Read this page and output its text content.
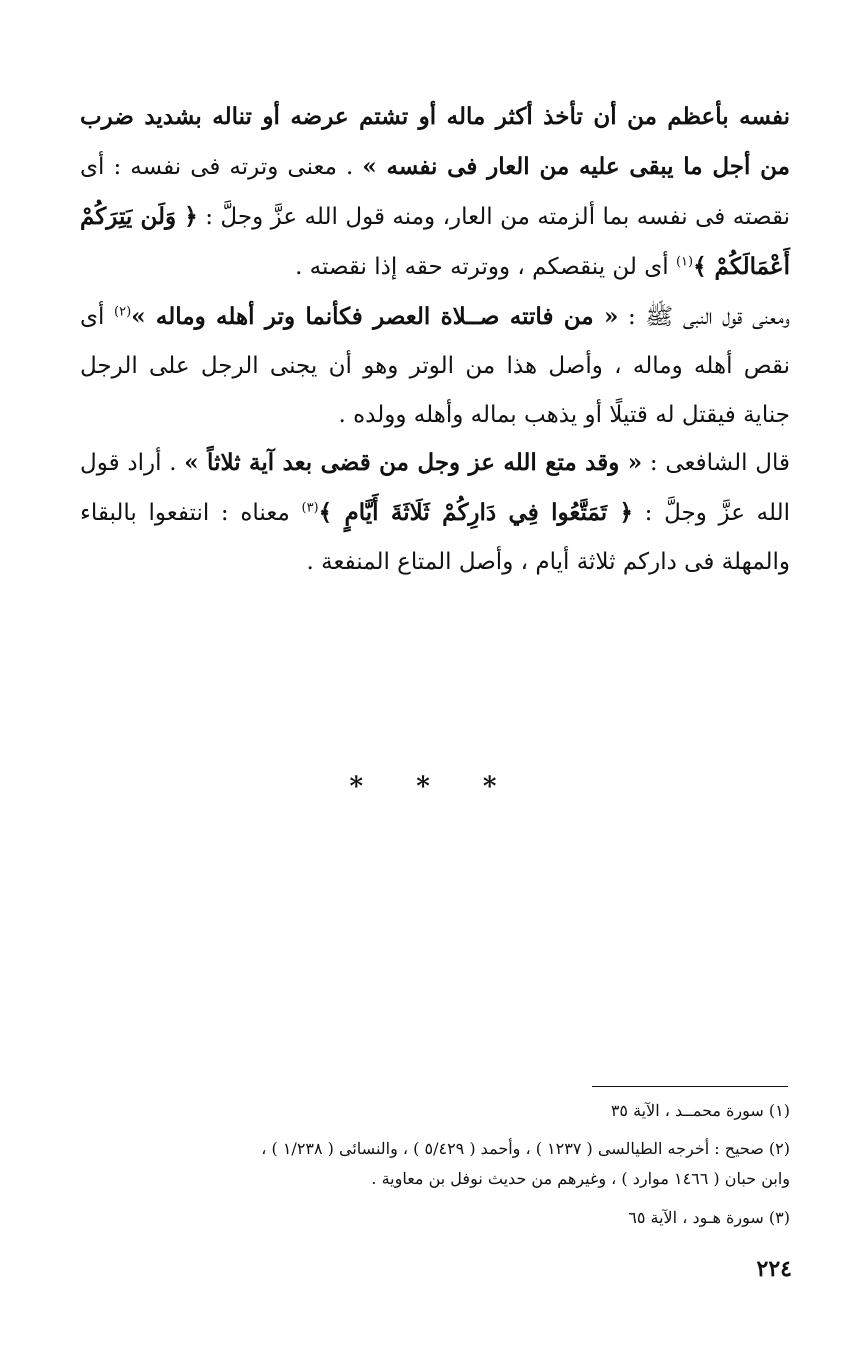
نفسه بأعظم من أن تأخذ أكثر ماله أو تشتم عرضه أو تناله بشديد ضرب من أجل ما يبقى عليه من العار فى نفسه » . معنى وترته فى نفسه : أى نقصته فى نفسه بما ألزمته من العار، ومنه قول الله عزَّ وجلَّ : ﴿ وَلَن يَتِرَكُمْ أَعْمَالَكُمْ ﴾$^{(١)}$ أى لن ينقصكم ، ووترته حقه إذا نقصته .

ومعنى قول النبى ﷺ : « من فاتته صــلاة العصر فكأنما وتر أهله وماله »$^{(٢)}$ أى نقص أهله وماله ، وأصل هذا من الوتر وهو أن يجنى الرجل على الرجل جناية فيقتل له قتيلًا أو يذهب بماله وأهله وولده .

قال الشافعى : « وقد متع الله عز وجل من قضى بعد آية ثلاثاً » . أراد قول الله عزَّ وجلَّ : ﴿ تَمَتَّعُوا فِي دَارِكُمْ ثَلَاثَةَ أَيَّامٍ ﴾$^{(٣)}$ معناه : انتفعوا بالبقاء والمهلة فى داركم ثلاثة أيام ، وأصل المتاع المنفعة .

* * *

(١) سورة محمــد ، الآية ٣٥

(٢) صحيح : أخرجه الطيالسى ( ١٢٣٧ ) ، وأحمد ( ٥/٤٢٩ ) ، والنسائى ( ١/٢٣٨ ) ،

وابن حبان ( ١٤٦٦ موارد ) ، وغيرهم من حديث نوفل بن معاوية .

(٣) سورة هـود ، الآية ٦٥

٢٢٤
